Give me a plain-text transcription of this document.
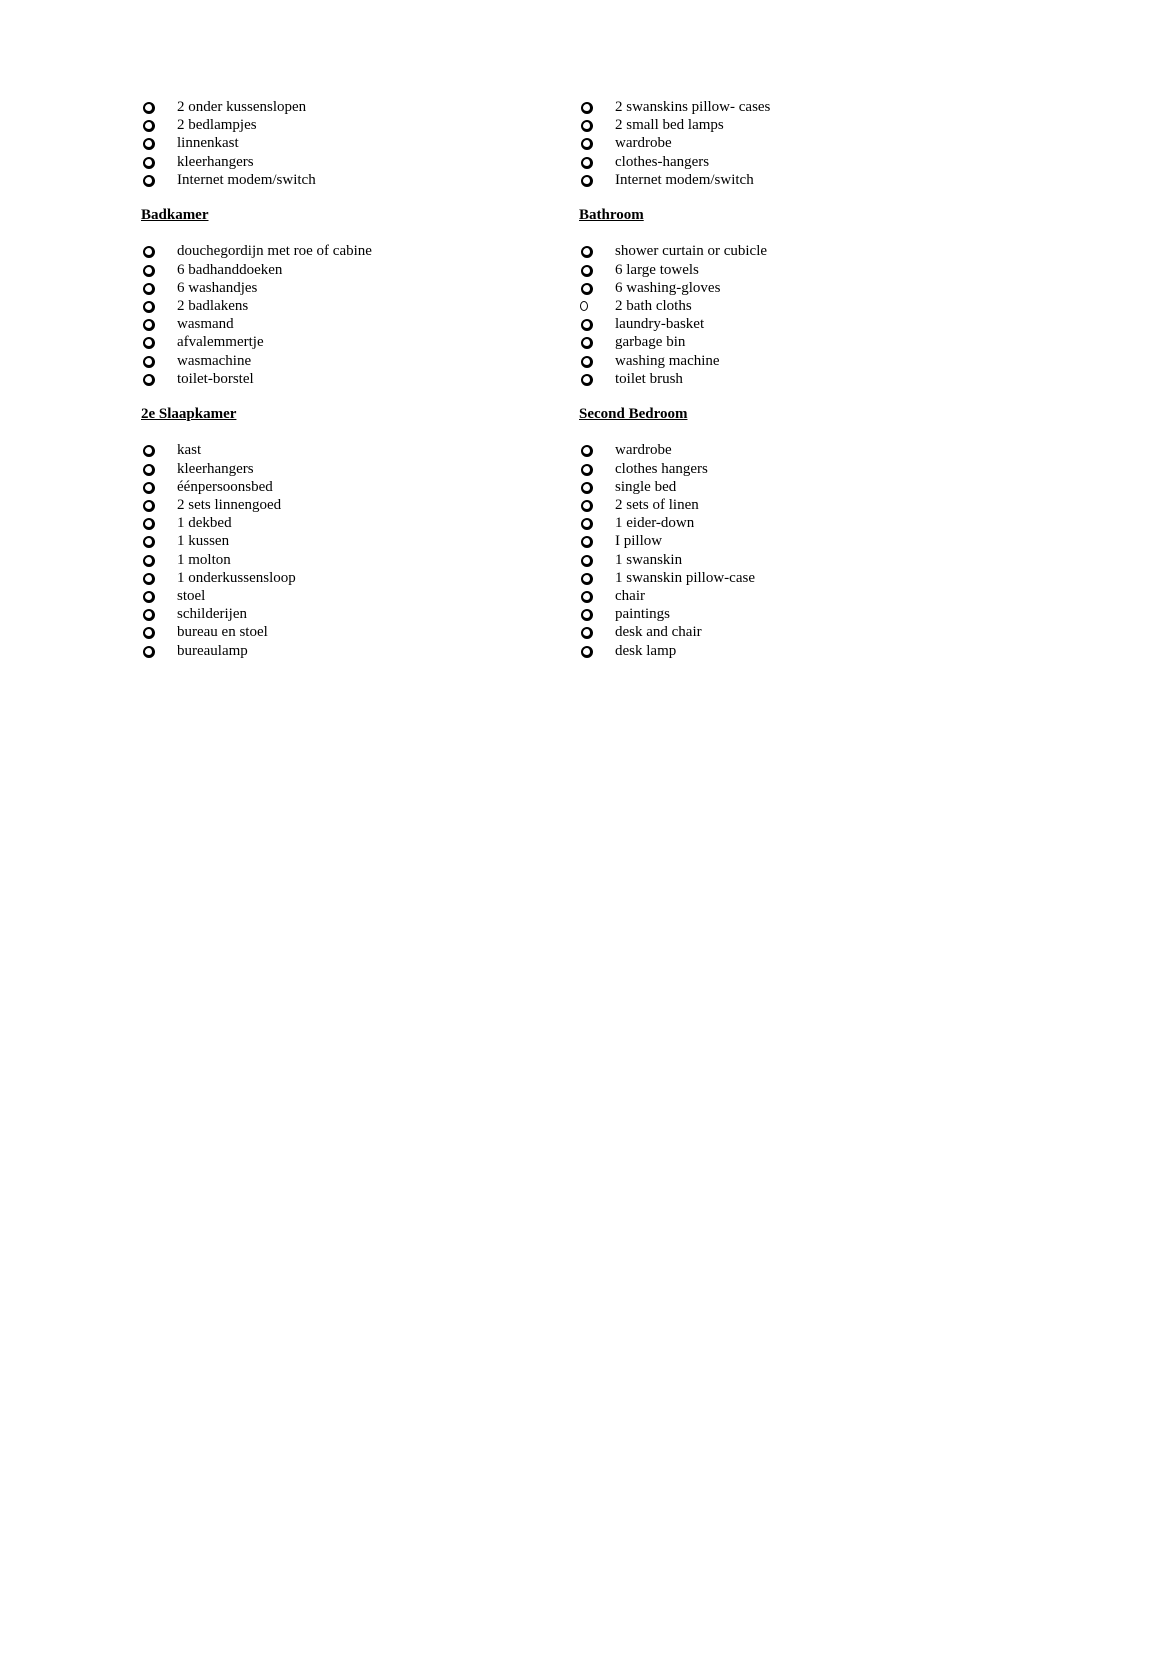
2 onder kussenslopen
2 bedlampjes
linnenkast
kleerhangers
Internet modem/switch
Badkamer
douchegordijn met roe of cabine
6 badhanddoeken
6 washandjes
2 badlakens
wasmand
afvalemmertje
wasmachine
toilet-borstel
2e Slaapkamer
kast
kleerhangers
éénpersoonsbed
2 sets linnengoed
1 dekbed
1 kussen
1 molton
1 onderkussensloop
stoel
schilderijen
bureau en stoel
bureaulamp
2 swanskins pillow- cases
2 small bed lamps
wardrobe
clothes-hangers
Internet modem/switch
Bathroom
shower curtain or cubicle
6 large towels
6 washing-gloves
2 bath cloths
laundry-basket
garbage bin
washing machine
toilet brush
Second Bedroom
wardrobe
clothes hangers
single bed
2 sets of linen
1 eider-down
I pillow
1 swanskin
1 swanskin pillow-case
chair
paintings
desk and chair
desk lamp
